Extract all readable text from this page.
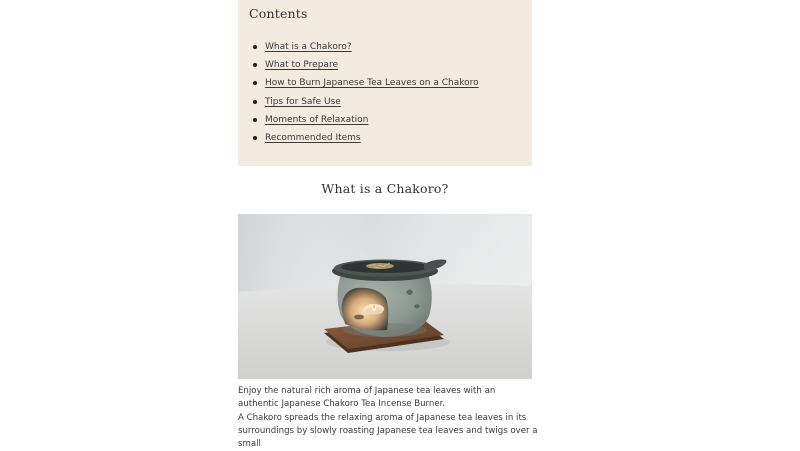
Contents
What is a Chakoro?
What to Prepare
How to Burn Japanese Tea Leaves on a Chakoro
Tips for Safe Use
Moments of Relaxation
Recommended Items
What is a Chakoro?

Enjoy the natural rich aroma of Japanese tea leaves with an authentic Japanese Chakoro Tea Incense Burner.

A Chakoro spreads the relaxing aroma of Japanese tea leaves in its surroundings by slowly roasting Japanese tea leaves and twigs over a small
